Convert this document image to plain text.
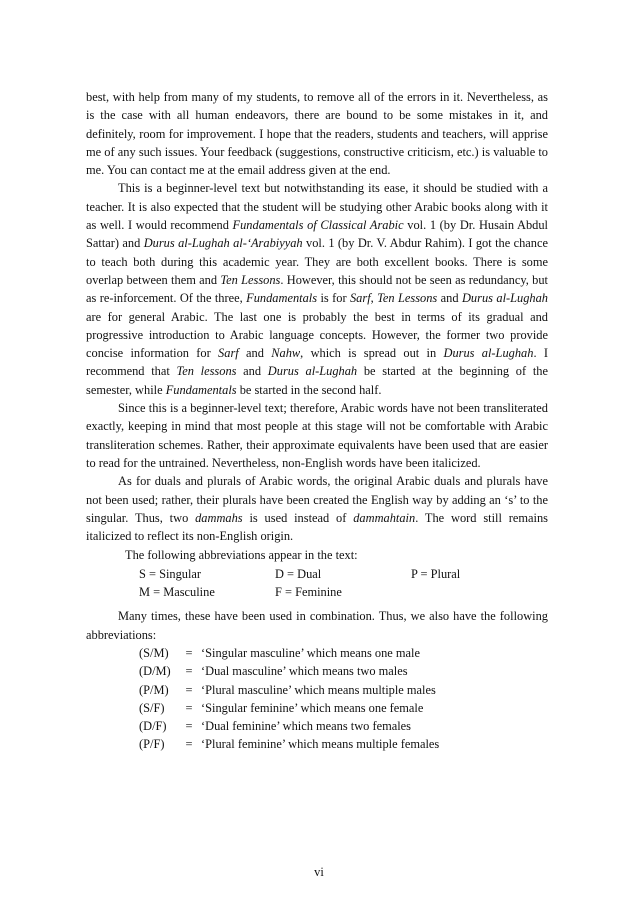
best, with help from many of my students, to remove all of the errors in it. Nevertheless, as is the case with all human endeavors, there are bound to be some mistakes in it, and definitely, room for improvement. I hope that the readers, students and teachers, will apprise me of any such issues. Your feedback (suggestions, constructive criticism, etc.) is valuable to me. You can contact me at the email address given at the end.

This is a beginner-level text but notwithstanding its ease, it should be studied with a teacher. It is also expected that the student will be studying other Arabic books along with it as well. I would recommend Fundamentals of Classical Arabic vol. 1 (by Dr. Husain Abdul Sattar) and Durus al-Lughah al-‘Arabiyyah vol. 1 (by Dr. V. Abdur Rahim). I got the chance to teach both during this academic year. They are both excellent books. There is some overlap between them and Ten Lessons. However, this should not be seen as redundancy, but as re-inforcement. Of the three, Fundamentals is for Sarf, Ten Lessons and Durus al-Lughah are for general Arabic. The last one is probably the best in terms of its gradual and progressive introduction to Arabic language concepts. However, the former two provide concise information for Sarf and Nahw, which is spread out in Durus al-Lughah. I recommend that Ten lessons and Durus al-Lughah be started at the beginning of the semester, while Fundamentals be started in the second half.

Since this is a beginner-level text; therefore, Arabic words have not been transliterated exactly, keeping in mind that most people at this stage will not be comfortable with Arabic transliteration schemes. Rather, their approximate equivalents have been used that are easier to read for the untrained. Nevertheless, non-English words have been italicized.

As for duals and plurals of Arabic words, the original Arabic duals and plurals have not been used; rather, their plurals have been created the English way by adding an ‘s’ to the singular. Thus, two dammahs is used instead of dammahtain. The word still remains italicized to reflect its non-English origin.

The following abbreviations appear in the text:

S = Singular	D = Dual	P = Plural
M = Masculine	F = Feminine

Many times, these have been used in combination. Thus, we also have the following abbreviations:

(S/M)	= ‘Singular masculine’ which means one male
(D/M)	= ‘Dual masculine’ which means two males
(P/M)	= ‘Plural masculine’ which means multiple males
(S/F)	= ‘Singular feminine’ which means one female
(D/F)	= ‘Dual feminine’ which means two females
(P/F)	= ‘Plural feminine’ which means multiple females
vi
